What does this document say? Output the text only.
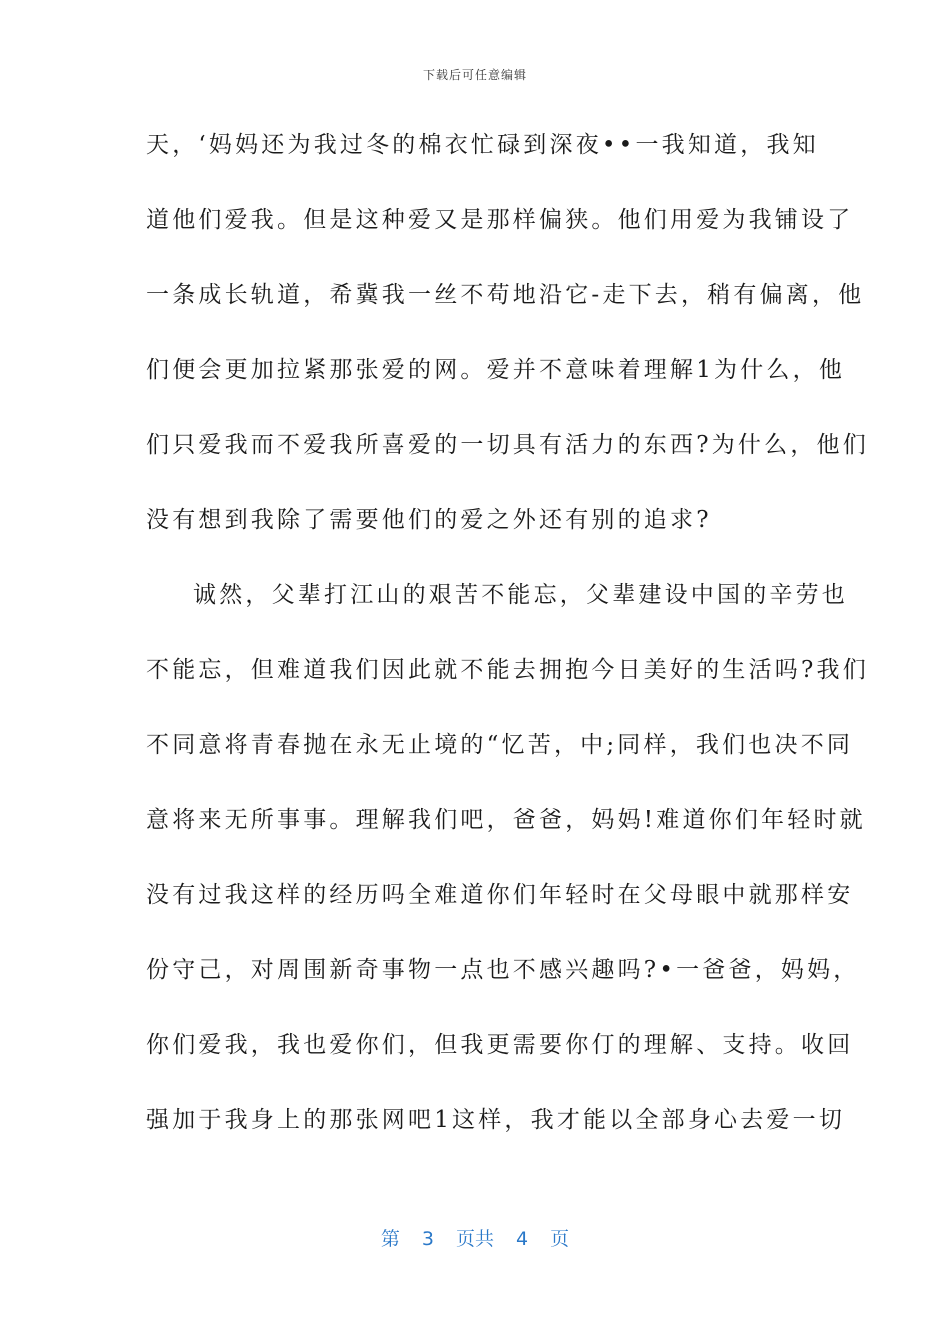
下载后可任意编辑
天，‘妈妈还为我过冬的棉衣忙碌到深夜••一我知道，我知
道他们爱我。但是这种爱又是那样偏狭。他们用爱为我铺设了
一条成长轨道，希冀我一丝不苟地沿它-走下去，稍有偏离，他
们便会更加拉紧那张爱的网。爱并不意味着理解1为什么，他
们只爱我而不爱我所喜爱的一切具有活力的东西?为什么，他们
没有想到我除了需要他们的爱之外还有别的追求?
诚然，父辈打江山的艰苦不能忘，父辈建设中国的辛劳也
不能忘，但难道我们因此就不能去拥抱今日美好的生活吗?我们
不同意将青春抛在永无止境的“忆苦，中;同样，我们也决不同
意将来无所事事。理解我们吧，爸爸，妈妈!难道你们年轻时就
没有过我这样的经历吗全难道你们年轻时在父母眼中就那样安
份守己，对周围新奇事物一点也不感兴趣吗?•一爸爸，妈妈，
你们爱我，我也爱你们，但我更需要你仃的理解、支持。收回
强加于我身上的那张网吧1这样，我才能以全部身心去爱一切
第 3 页共 4 页
